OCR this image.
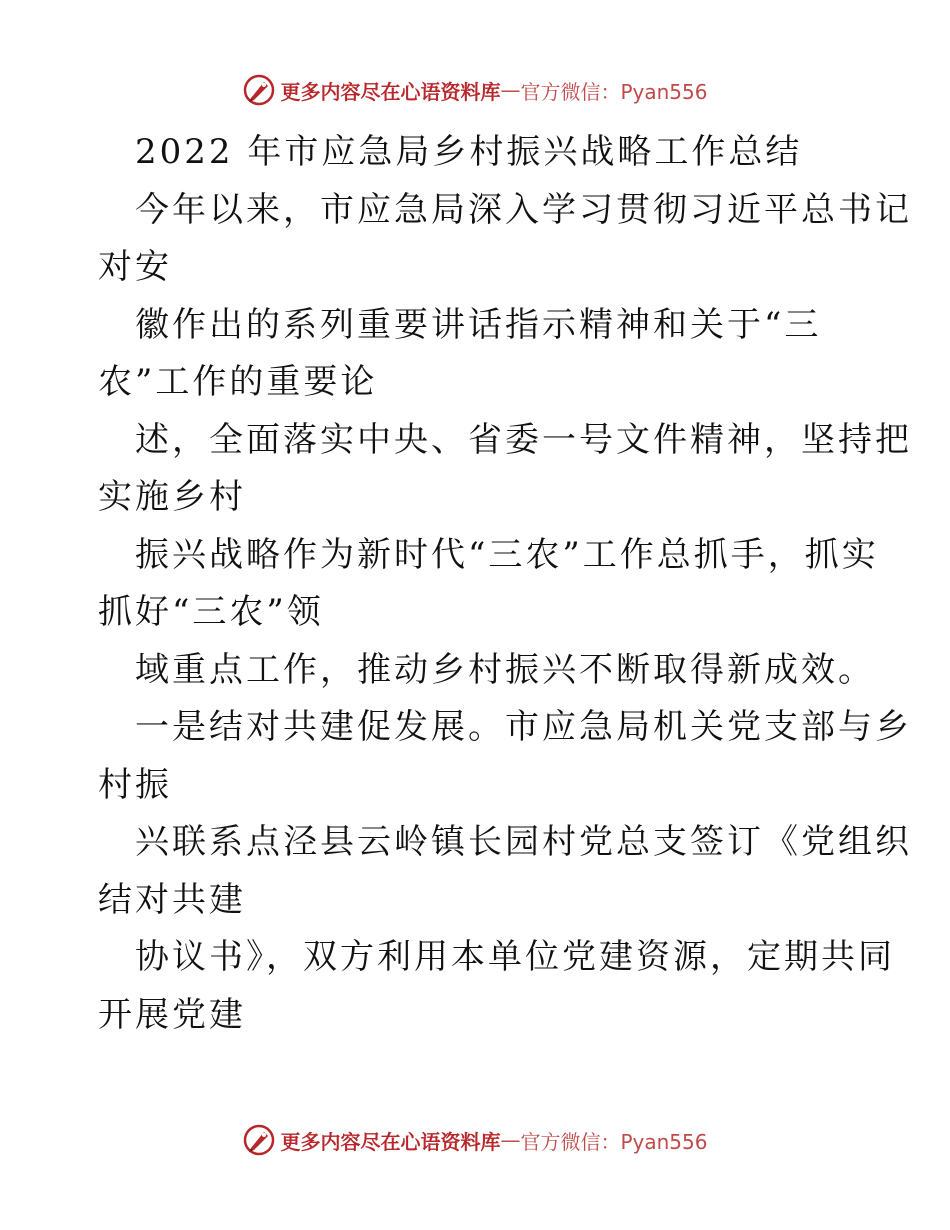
更多内容尽在心语资料库 — 官方微信：Pyan556
2022 年市应急局乡村振兴战略工作总结
今年以来，市应急局深入学习贯彻习近平总书记
对安
徽作出的系列重要讲话指示精神和关于“三
农”工作的重要论
述，全面落实中央、省委一号文件精神，坚持把
实施乡村
振兴战略作为新时代“三农”工作总抓手，抓实
抓好“三农”领
域重点工作，推动乡村振兴不断取得新成效。
一是结对共建促发展。市应急局机关党支部与乡
村振
兴联系点泾县云岭镇长园村党总支签订《党组织
结对共建
协议书》，双方利用本单位党建资源，定期共同
开展党建
更多内容尽在心语资料库 — 官方微信：Pyan556
